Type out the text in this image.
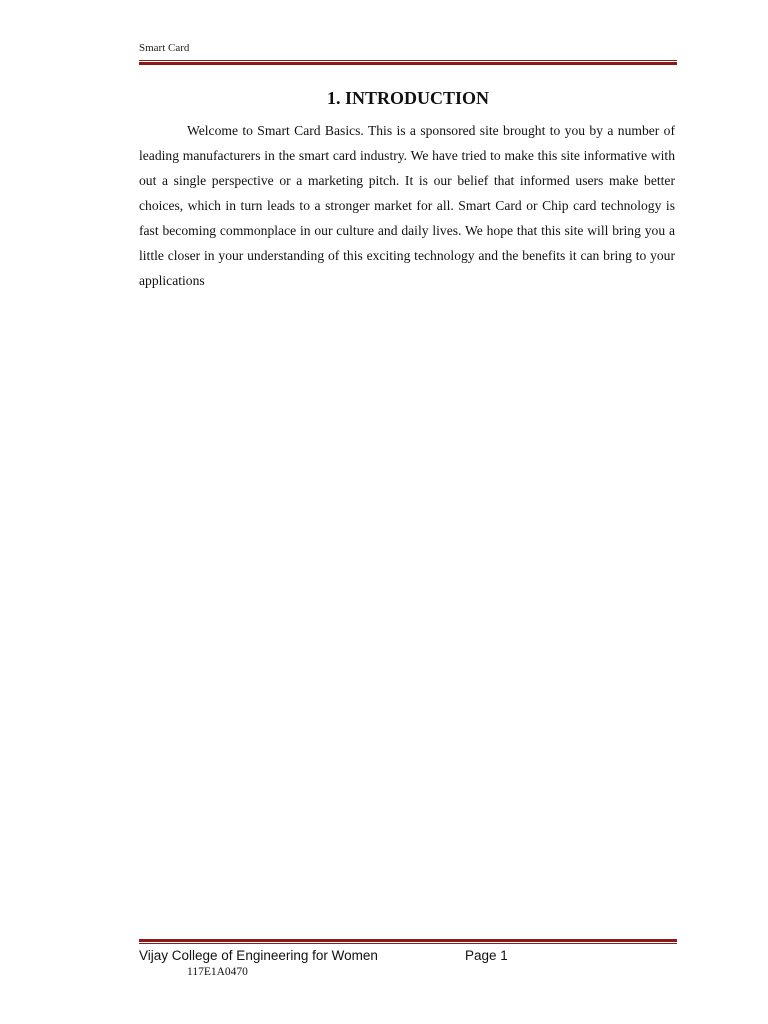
Smart Card
1. INTRODUCTION

Welcome to Smart Card Basics. This is a sponsored site brought to you by a number of leading manufacturers in the smart card industry. We have tried to make this site informative with out a single perspective or a marketing pitch. It is our belief that informed users make better choices, which in turn leads to a stronger market for all. Smart Card or Chip card technology is fast becoming commonplace in our culture and daily lives. We hope that this site will bring you a little closer in your understanding of this exciting technology and the benefits it can bring to your applications

Vijay College of Engineering for Women	Page 1
117E1A0470
